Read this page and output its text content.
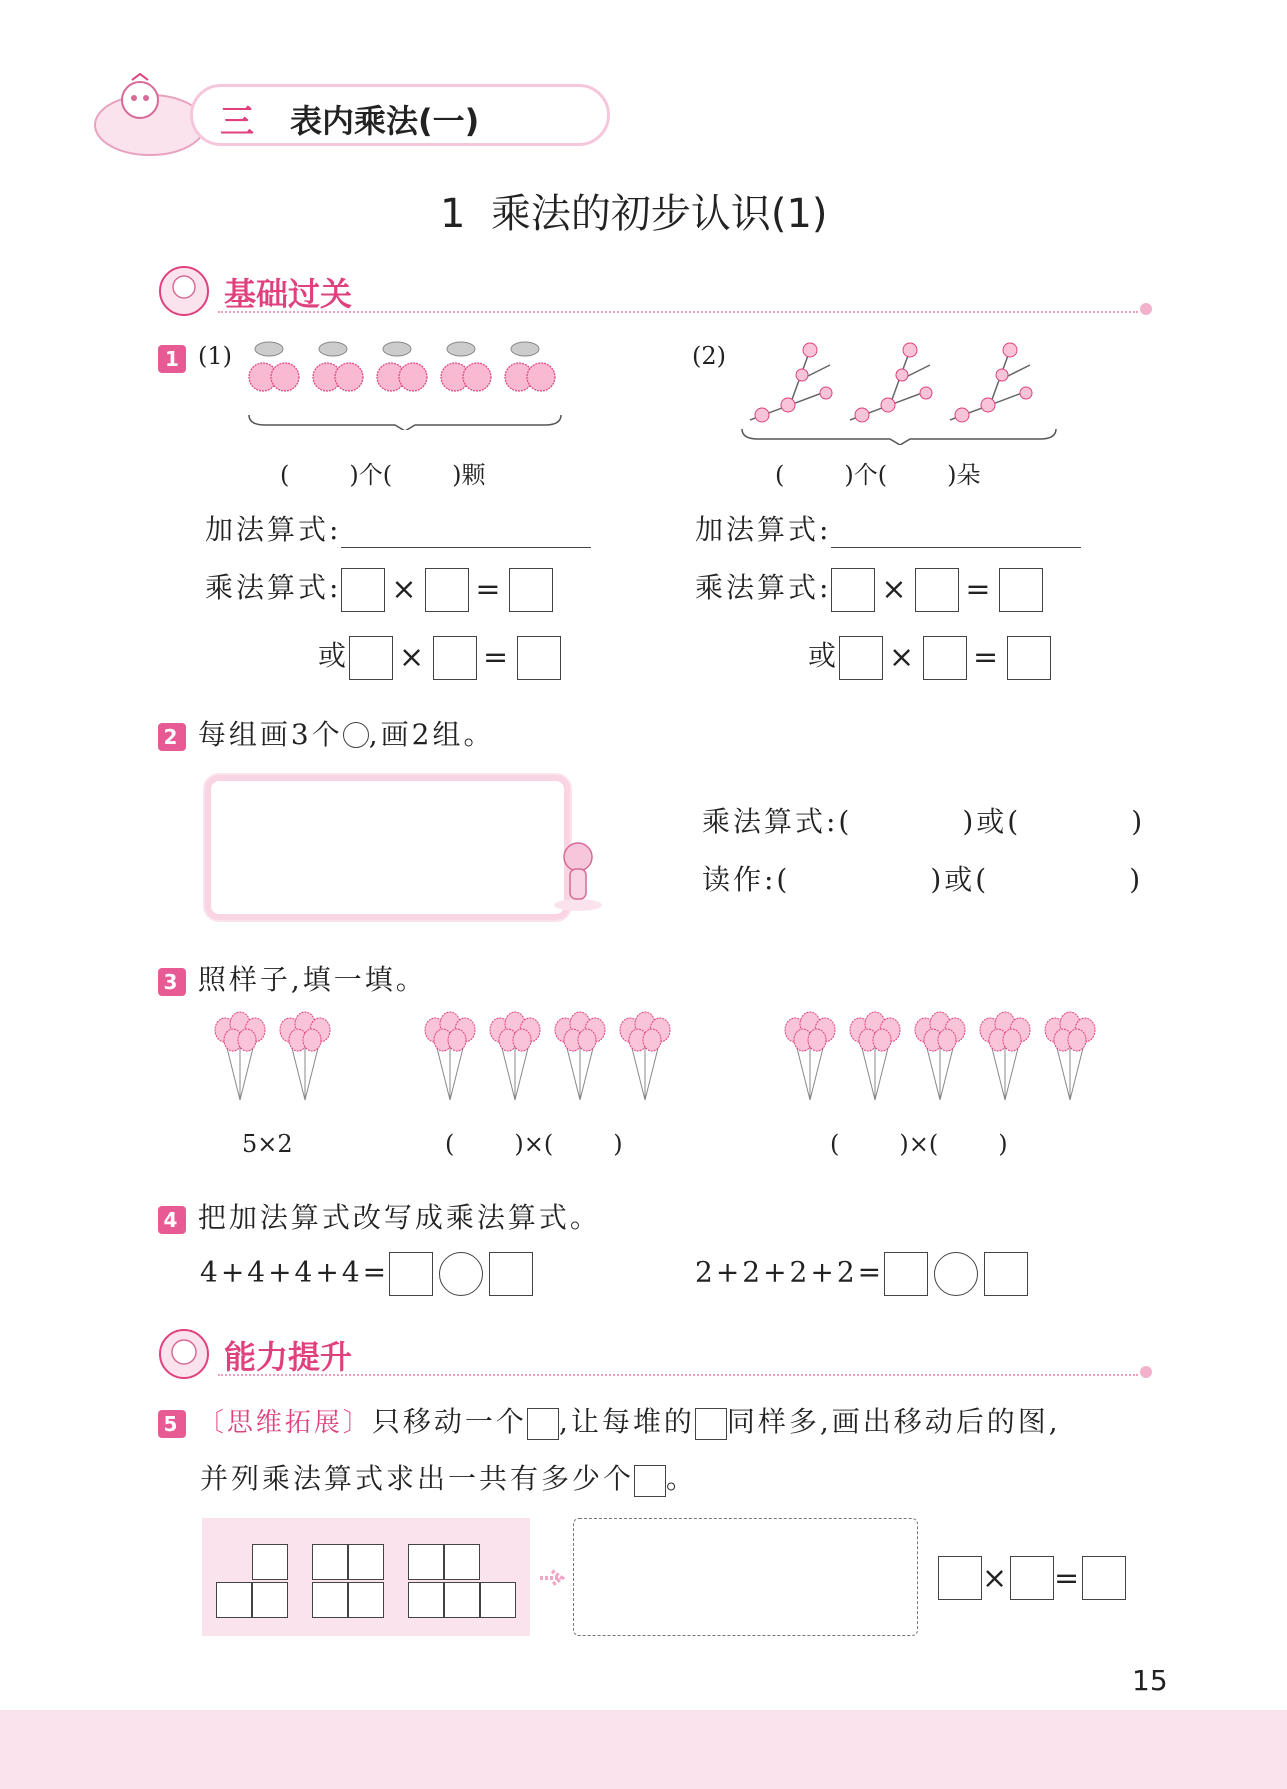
三 表内乘法(一)
1  乘法的初步认识(1)
基础过关
1 (1)
(	)个(	)颗
加法算式:
乘法算式: × =
或 × =
(2)
(	)个(	)朵
加法算式:
乘法算式: × =
或 × =
2 每组画3个 ,画2组。
乘法算式:(	)或(	)
读作:(	)或(	)
3 照样子,填一填。
5×2	(	)×(	)	(	)×(	)
4 把加法算式改写成乘法算式。
4+4+4+4=	2+2+2+2=
能力提升
5 〔思维拓展〕只移动一个 ,让每堆的 同样多,画出移动后的图,
并列乘法算式求出一共有多少个 。
× =
15
